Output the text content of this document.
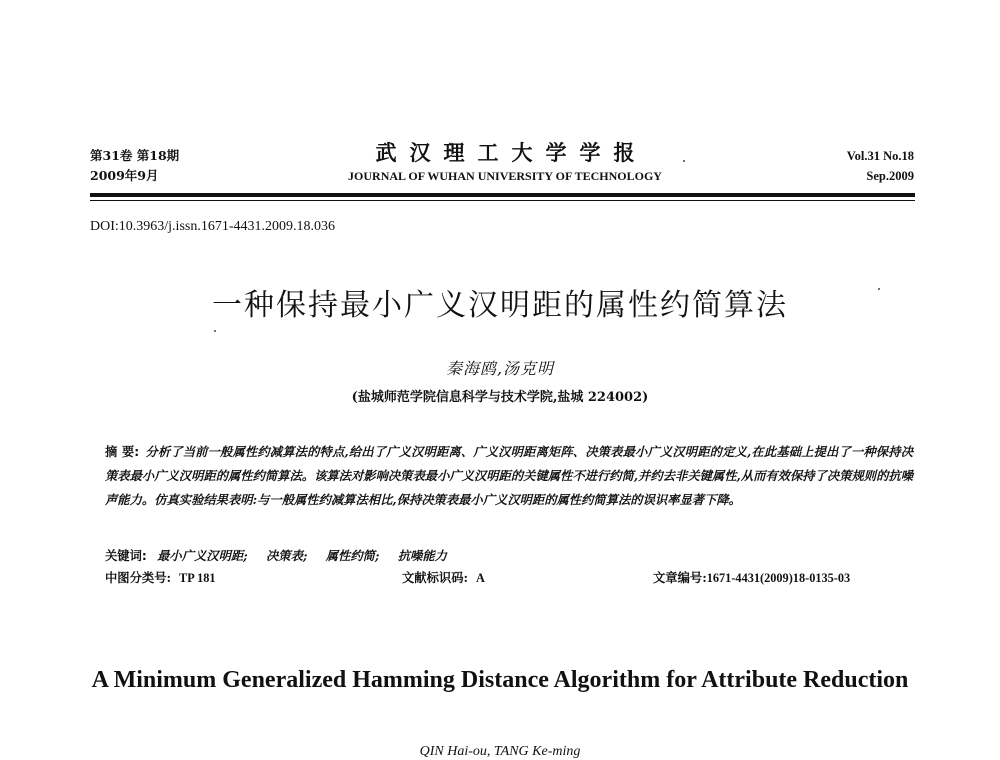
第31卷 第18期
2009年9月
武汉理工大学学报
JOURNAL OF WUHAN UNIVERSITY OF TECHNOLOGY
Vol.31 No.18
Sep.2009
DOI:10.3963/j.issn.1671-4431.2009.18.036
一种保持最小广义汉明距的属性约简算法
秦海鸥,汤克明
(盐城师范学院信息科学与技术学院,盐城 224002)
摘 要: 分析了当前一般属性约减算法的特点,给出了广义汉明距离、广义汉明距离矩阵、决策表最小广义汉明距的定义,在此基础上提出了一种保持决策表最小广义汉明距的属性约简算法。该算法对影响决策表最小广义汉明距的关键属性不进行约简,并约去非关键属性,从而有效保持了决策规则的抗噪声能力。仿真实验结果表明:与一般属性约减算法相比,保持决策表最小广义汉明距的属性约简算法的误识率显著下降。
关键词: 最小广义汉明距; 决策表; 属性约简; 抗噪能力
中图分类号: TP 181	文献标识码: A	文章编号:1671-4431(2009)18-0135-03
A Minimum Generalized Hamming Distance Algorithm for Attribute Reduction
QIN Hai-ou, TANG Ke-ming
